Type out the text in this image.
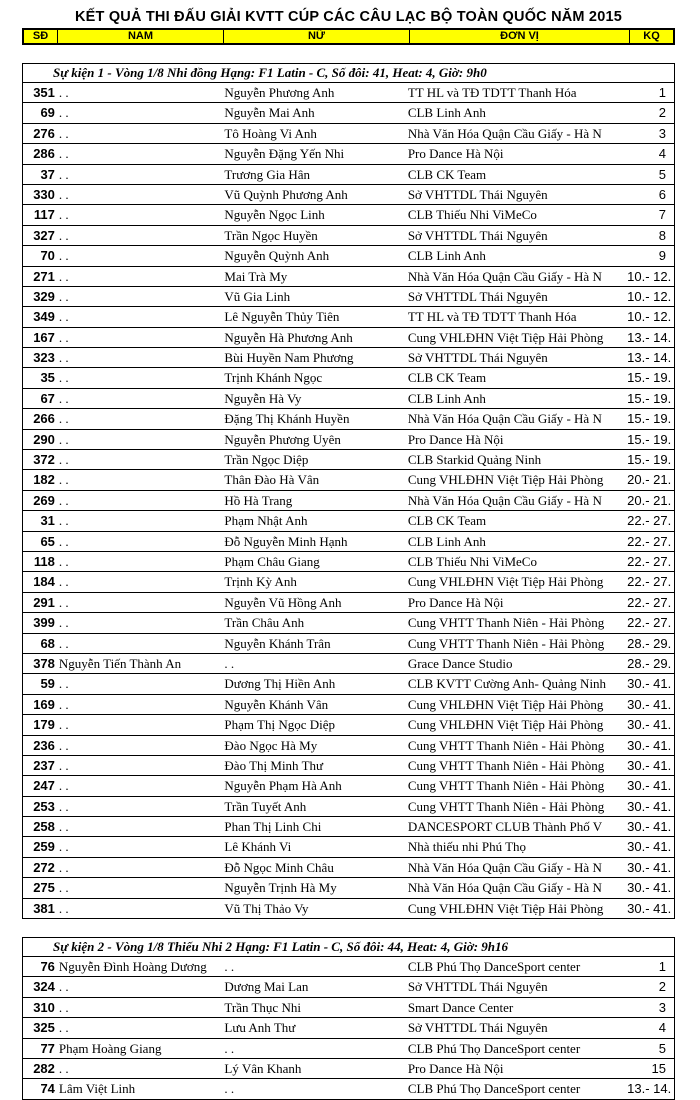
KẾT QUẢ THI ĐẤU GIẢI KVTT CÚP CÁC CÂU LẠC BỘ TOÀN QUỐC NĂM 2015
SĐ	NAM	NỮ	ĐƠN VỊ	KQ
Sự kiện 1 - Vòng 1/8 Nhi đồng Hạng: F1 Latin - C, Số đôi: 41, Heat: 4, Giờ: 9h0
351 . .	Nguyễn Phương Anh	TT HL và TĐ TDTT Thanh Hóa	1
69 . .	Nguyễn Mai Anh	CLB Linh Anh	2
276 . .	Tô Hoàng Vi Anh	Nhà Văn Hóa Quận Cầu Giấy - Hà N	3
286 . .	Nguyễn Đặng Yến Nhi	Pro Dance Hà Nội	4
37 . .	Trương Gia Hân	CLB CK Team	5
330 . .	Vũ Quỳnh Phương Anh	Sở VHTTDL Thái Nguyên	6
117 . .	Nguyễn Ngọc Linh	CLB Thiếu Nhi ViMeCo	7
327 . .	Trần Ngọc Huyền	Sở VHTTDL Thái Nguyên	8
70 . .	Nguyễn Quỳnh Anh	CLB Linh Anh	9
271 . .	Mai Trà My	Nhà Văn Hóa Quận Cầu Giấy - Hà N	10.- 12.
329 . .	Vũ Gia Linh	Sở VHTTDL Thái Nguyên	10.- 12.
349 . .	Lê Nguyễn Thủy Tiên	TT HL và TĐ TDTT Thanh Hóa	10.- 12.
167 . .	Nguyễn Hà Phương Anh	Cung VHLĐHN Việt Tiệp Hải Phòng	13.- 14.
323 . .	Bùi Huyền Nam Phương	Sở VHTTDL Thái Nguyên	13.- 14.
35 . .	Trịnh Khánh Ngọc	CLB CK Team	15.- 19.
67 . .	Nguyễn Hà Vy	CLB Linh Anh	15.- 19.
266 . .	Đặng Thị Khánh Huyền	Nhà Văn Hóa Quận Cầu Giấy - Hà N	15.- 19.
290 . .	Nguyễn Phương Uyên	Pro Dance Hà Nội	15.- 19.
372 . .	Trần Ngọc Diệp	CLB Starkid Quảng Ninh	15.- 19.
182 . .	Thân Đào Hà Vân	Cung VHLĐHN Việt Tiệp Hải Phòng	20.- 21.
269 . .	Hồ Hà Trang	Nhà Văn Hóa Quận Cầu Giấy - Hà N	20.- 21.
31 . .	Phạm Nhật Anh	CLB CK Team	22.- 27.
65 . .	Đỗ Nguyễn Minh Hạnh	CLB Linh Anh	22.- 27.
118 . .	Phạm Châu Giang	CLB Thiếu Nhi ViMeCo	22.- 27.
184 . .	Trịnh Kỳ Anh	Cung VHLĐHN Việt Tiệp Hải Phòng	22.- 27.
291 . .	Nguyễn Vũ Hồng Anh	Pro Dance Hà Nội	22.- 27.
399 . .	Trần Châu Anh	Cung VHTT Thanh Niên - Hải Phòng	22.- 27.
68 . .	Nguyễn Khánh Trân	Cung VHTT Thanh Niên - Hải Phòng	28.- 29.
378 Nguyễn Tiến Thành An	. .	Grace Dance Studio	28.- 29.
59 . .	Dương Thị Hiền Anh	CLB KVTT Cường Anh- Quảng Ninh	30.- 41.
169 . .	Nguyễn Khánh Vân	Cung VHLĐHN Việt Tiệp Hải Phòng	30.- 41.
179 . .	Phạm Thị Ngọc Diệp	Cung VHLĐHN Việt Tiệp Hải Phòng	30.- 41.
236 . .	Đào Ngọc Hà My	Cung VHTT Thanh Niên - Hải Phòng	30.- 41.
237 . .	Đào Thị Minh Thư	Cung VHTT Thanh Niên - Hải Phòng	30.- 41.
247 . .	Nguyễn Phạm Hà Anh	Cung VHTT Thanh Niên - Hải Phòng	30.- 41.
253 . .	Trần Tuyết Anh	Cung VHTT Thanh Niên - Hải Phòng	30.- 41.
258 . .	Phan Thị Linh Chi	DANCESPORT CLUB Thành Phố V	30.- 41.
259 . .	Lê Khánh Vi	Nhà thiếu nhi Phú Thọ	30.- 41.
272 . .	Đỗ Ngọc Minh Châu	Nhà Văn Hóa Quận Cầu Giấy - Hà N	30.- 41.
275 . .	Nguyễn Trịnh Hà My	Nhà Văn Hóa Quận Cầu Giấy - Hà N	30.- 41.
381 . .	Vũ Thị Thảo Vy	Cung VHLĐHN Việt Tiệp Hải Phòng	30.- 41.
Sự kiện 2 - Vòng 1/8 Thiếu Nhi 2 Hạng: F1 Latin - C, Số đôi: 44, Heat: 4, Giờ: 9h16
76 Nguyễn Đình Hoàng Dương	. .	CLB Phú Thọ DanceSport center	1
324 . .	Dương Mai Lan	Sở VHTTDL Thái Nguyên	2
310 . .	Trần Thục Nhi	Smart Dance Center	3
325 . .	Lưu Anh Thư	Sở VHTTDL Thái Nguyên	4
77 Phạm Hoàng Giang	. .	CLB Phú Thọ DanceSport center	5
282 . .	Lý Vân Khanh	Pro Dance Hà Nội	15
74 Lâm Việt Linh	. .	CLB Phú Thọ DanceSport center	13.- 14.
